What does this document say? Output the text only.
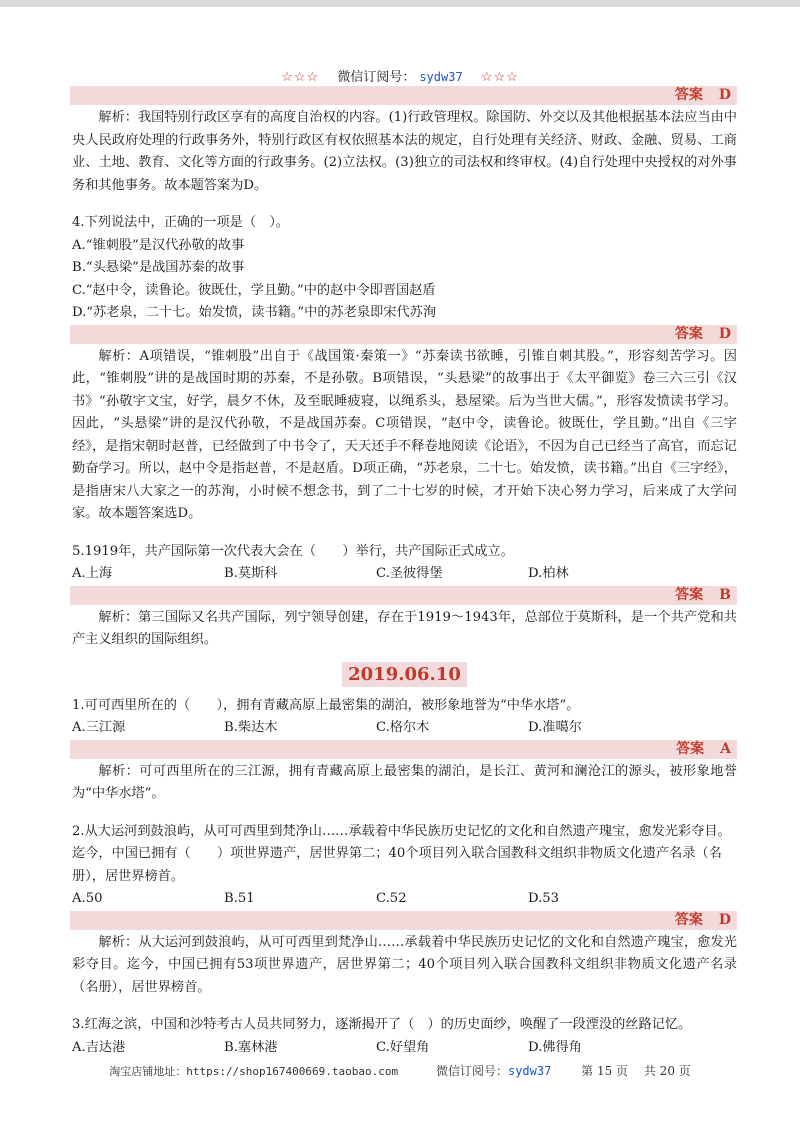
☆☆☆ 微信订阅号： sydw37 ☆☆☆
答案 D

解析：我国特别行政区享有的高度自治权的内容。(1)行政管理权。除国防、外交以及其他根据基本法应当由中央人民政府处理的行政事务外，特别行政区有权依照基本法的规定，自行处理有关经济、财政、金融、贸易、工商业、土地、教育、文化等方面的行政事务。(2)立法权。(3)独立的司法权和终审权。(4)自行处理中央授权的对外事务和其他事务。故本题答案为D。

4.下列说法中，正确的一项是（　）。

A.“锥刺股”是汉代孙敬的故事

B.“头悬梁”是战国苏秦的故事

C.“赵中令，读鲁论。彼既仕，学且勤。”中的赵中令即晋国赵盾

D.“苏老泉，二十七。始发愤，读书籍。”中的苏老泉即宋代苏洵

答案 D

解析：A项错误，“锥刺股”出自于《战国策·秦策一》“苏秦读书欲睡，引锥自刺其股。”，形容刻苦学习。因此，“锥刺股”讲的是战国时期的苏秦，不是孙敬。B项错误，“头悬梁”的故事出于《太平御览》卷三六三引《汉书》“孙敬字文宝，好学，晨夕不休，及至眠睡疲寝，以绳系头，悬屋梁。后为当世大儒。”，形容发愤读书学习。因此，“头悬梁”讲的是汉代孙敬，不是战国苏秦。C项错误，“赵中令，读鲁论。彼既仕，学且勤。”出自《三字经》，是指宋朝时赵普，已经做到了中书令了，天天还手不释卷地阅读《论语》，不因为自己已经当了高官，而忘记勤奋学习。所以，赵中令是指赵普，不是赵盾。D项正确，“苏老泉，二十七。始发愤，读书籍。”出自《三字经》，是指唐宋八大家之一的苏洵，小时候不想念书，到了二十七岁的时候，才开始下决心努力学习，后来成了大学问家。故本题答案选D。

5.1919年，共产国际第一次代表大会在（　　）举行，共产国际正式成立。

A.上海	B.莫斯科	C.圣彼得堡	D.柏林
答案 B

解析：第三国际又名共产国际，列宁领导创建，存在于1919～1943年，总部位于莫斯科，是一个共产党和共产主义组织的国际组织。

2019.06.10

1.可可西里所在的（　　），拥有青藏高原上最密集的湖泊，被形象地誉为“中华水塔”。

A.三江源	B.柴达木	C.格尔木	D.准噶尔
答案 A

解析：可可西里所在的三江源，拥有青藏高原上最密集的湖泊，是长江、黄河和澜沧江的源头，被形象地誉为“中华水塔”。

2.从大运河到鼓浪屿，从可可西里到梵净山……承载着中华民族历史记忆的文化和自然遗产瑰宝，愈发光彩夺目。迄今，中国已拥有（　　）项世界遗产，居世界第二；40个项目列入联合国教科文组织非物质文化遗产名录（名册），居世界榜首。

A.50	B.51	C.52	D.53
答案 D

解析：从大运河到鼓浪屿，从可可西里到梵净山……承载着中华民族历史记忆的文化和自然遗产瑰宝，愈发光彩夺目。迄今，中国已拥有53项世界遗产，居世界第二；40个项目列入联合国教科文组织非物质文化遗产名录（名册），居世界榜首。

3.红海之滨，中国和沙特考古人员共同努力，逐渐揭开了（　）的历史面纱，唤醒了一段湮没的丝路记忆。

A.吉达港	B.塞林港	C.好望角	D.佛得角
淘宝店铺地址：https://shop167400669.taobao.com	微信订阅号：sydw37 第 15 页　 共 20 页
